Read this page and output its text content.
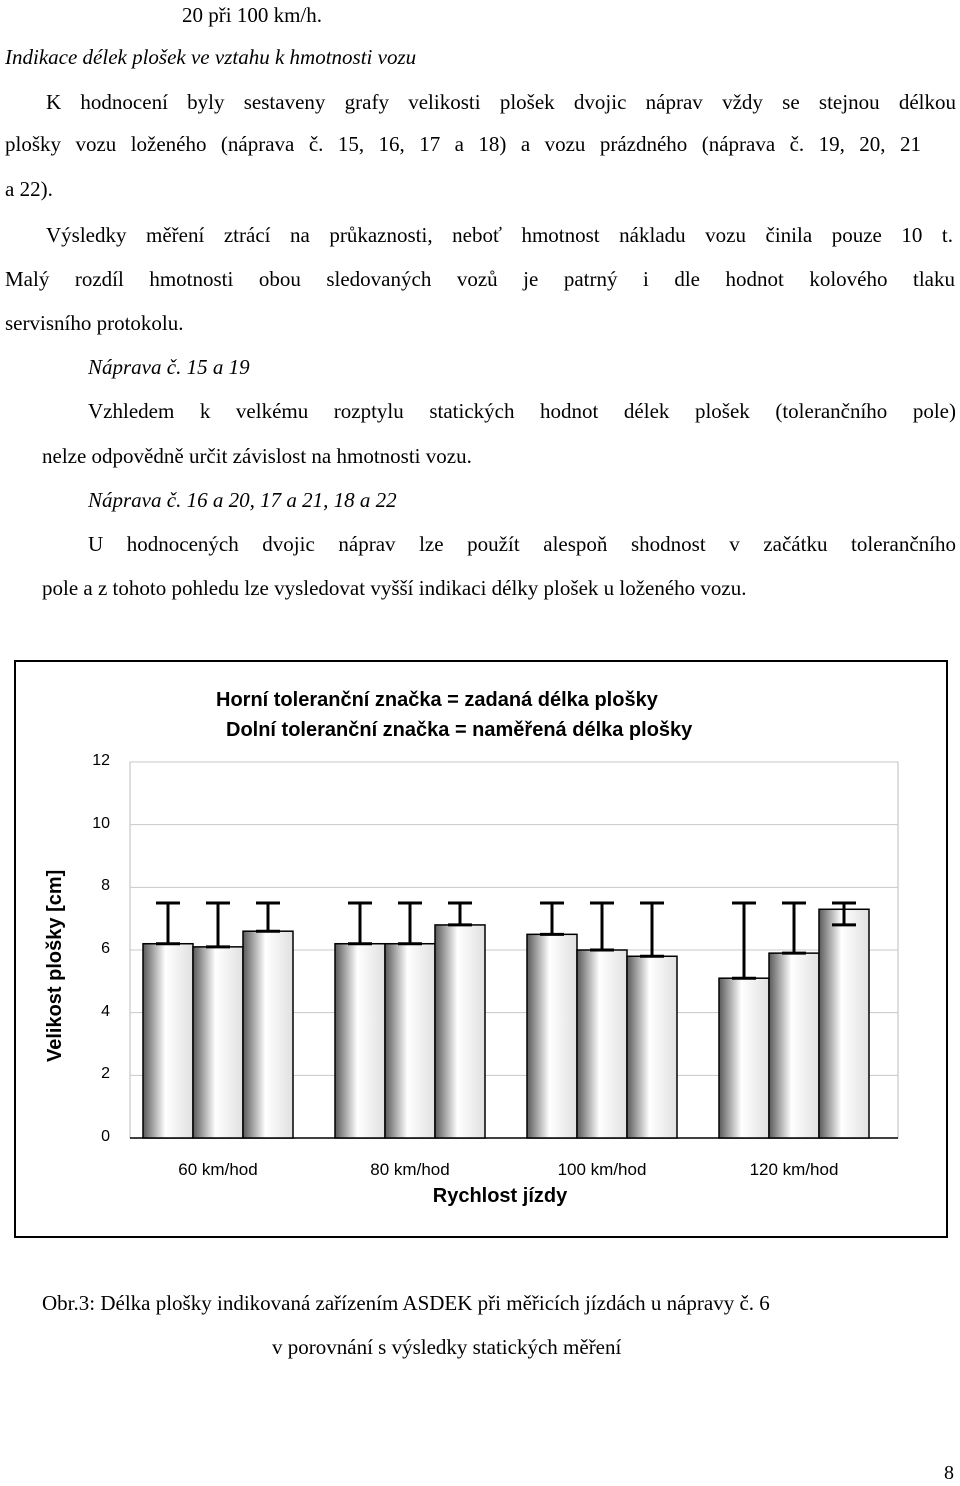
20 při 100 km/h.
Indikace délek plošek ve vztahu k hmotnosti vozu
K hodnocení byly sestaveny grafy velikosti plošek dvojic náprav vždy se stejnou délkou
plošky vozu loženého (náprava č. 15, 16, 17 a 18) a vozu prázdného (náprava č. 19, 20, 21
a 22).
Výsledky měření ztrácí na průkaznosti, neboť hmotnost nákladu vozu činila pouze 10 t.
Malý rozdíl hmotnosti obou sledovaných vozů je patrný i dle hodnot kolového tlaku
servisního protokolu.
Náprava č. 15 a 19
Vzhledem k velkému rozptylu statických hodnot délek plošek (tolerančního pole)
nelze odpovědně určit závislost na hmotnosti vozu.
Náprava č. 16 a 20, 17 a 21, 18 a 22
U hodnocených dvojic náprav lze použít alespoň shodnost v začátku tolerančního
pole a z tohoto pohledu lze vysledovat vyšší indikaci délky plošek u loženého vozu.
Horní toleranční značka = zadaná délka plošky
Dolní toleranční značka = naměřená délka plošky
Velikost plošky [cm]
0
2
4
6
8
10
12
60 km/hod	80 km/hod	100 km/hod	120 km/hod
Rychlost jízdy
Obr.3: Délka plošky indikovaná zařízením ASDEK při měřicích jízdách u nápravy č. 6
v porovnání s výsledky statických měření
8
